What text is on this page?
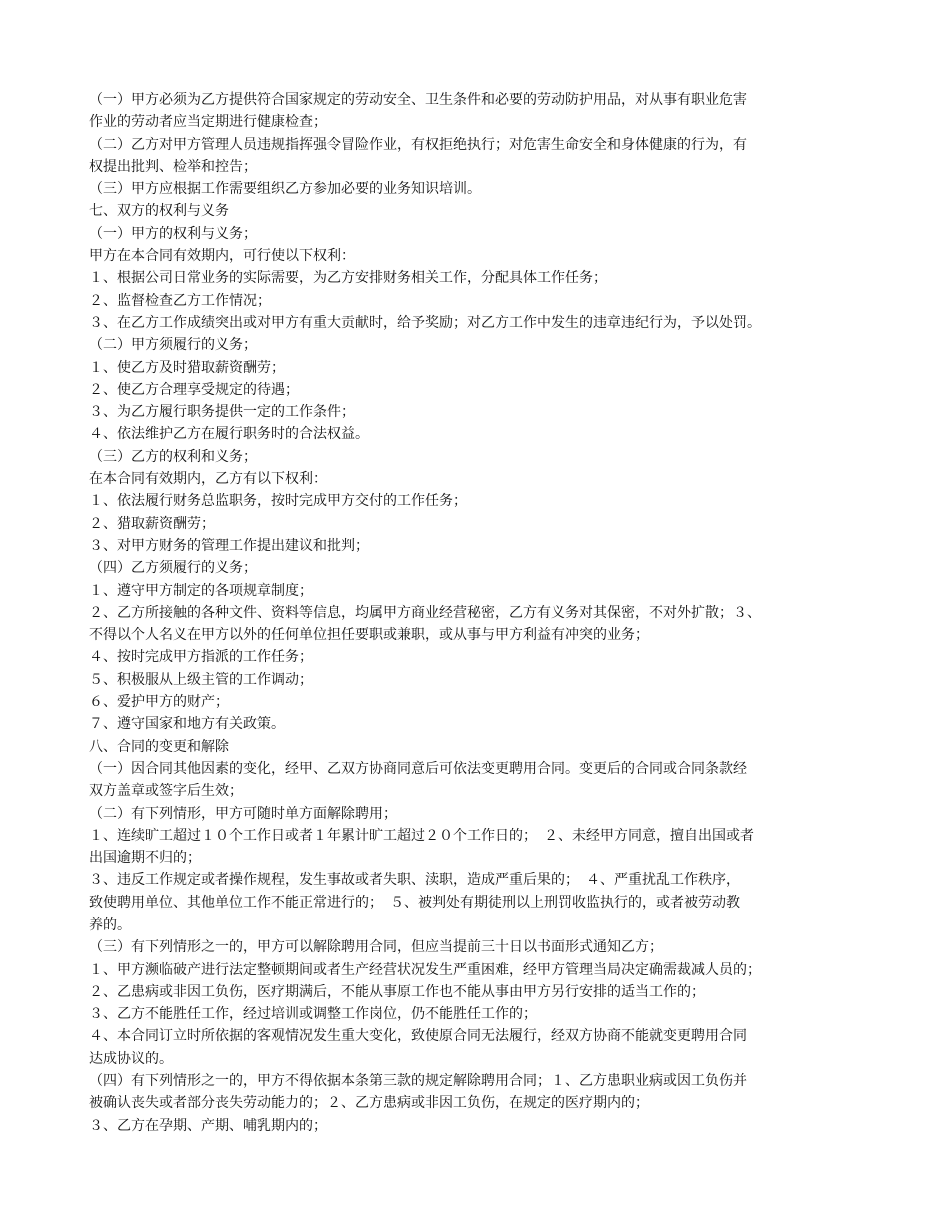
（一）甲方必须为乙方提供符合国家规定的劳动安全、卫生条件和必要的劳动防护用品，对从事有职业危害
作业的劳动者应当定期进行健康检查；
（二）乙方对甲方管理人员违规指挥强令冒险作业，有权拒绝执行；对危害生命安全和身体健康的行为，有
权提出批判、检举和控告；
（三）甲方应根据工作需要组织乙方参加必要的业务知识培训。
七、双方的权利与义务
（一）甲方的权利与义务；
甲方在本合同有效期内，可行使以下权利：
１、根据公司日常业务的实际需要，为乙方安排财务相关工作，分配具体工作任务；
２、监督检查乙方工作情况；
３、在乙方工作成绩突出或对甲方有重大贡献时，给予奖励；对乙方工作中发生的违章违纪行为，予以处罚。
（二）甲方须履行的义务；
１、使乙方及时猎取薪资酬劳；
２、使乙方合理享受规定的待遇；
３、为乙方履行职务提供一定的工作条件；
４、依法维护乙方在履行职务时的合法权益。
（三）乙方的权利和义务；
在本合同有效期内，乙方有以下权利：
１、依法履行财务总监职务，按时完成甲方交付的工作任务；
２、猎取薪资酬劳；
３、对甲方财务的管理工作提出建议和批判；
（四）乙方须履行的义务；
１、遵守甲方制定的各项规章制度；
２、乙方所接触的各种文件、资料等信息，均属甲方商业经营秘密，乙方有义务对其保密，不对外扩散；３、
不得以个人名义在甲方以外的任何单位担任要职或兼职，或从事与甲方利益有冲突的业务；
４、按时完成甲方指派的工作任务；
５、积极服从上级主管的工作调动；
６、爱护甲方的财产；
７、遵守国家和地方有关政策。
八、合同的变更和解除
（一）因合同其他因素的变化，经甲、乙双方协商同意后可依法变更聘用合同。变更后的合同或合同条款经
双方盖章或签字后生效；
（二）有下列情形，甲方可随时单方面解除聘用；
１、连续旷工超过１０个工作日或者１年累计旷工超过２０个工作日的；　２、未经甲方同意，擅自出国或者
出国逾期不归的；
３、违反工作规定或者操作规程，发生事故或者失职、渎职，造成严重后果的；　４、严重扰乱工作秩序，
致使聘用单位、其他单位工作不能正常进行的；　５、被判处有期徒刑以上刑罚收监执行的，或者被劳动教
养的。
（三）有下列情形之一的，甲方可以解除聘用合同，但应当提前三十日以书面形式通知乙方；
１、甲方濒临破产进行法定整顿期间或者生产经营状况发生严重困难，经甲方管理当局决定确需裁减人员的；
２、乙患病或非因工负伤，医疗期满后，不能从事原工作也不能从事由甲方另行安排的适当工作的；
３、乙方不能胜任工作，经过培训或调整工作岗位，仍不能胜任工作的；
４、本合同订立时所依据的客观情况发生重大变化，致使原合同无法履行，经双方协商不能就变更聘用合同
达成协议的。
（四）有下列情形之一的，甲方不得依据本条第三款的规定解除聘用合同；１、乙方患职业病或因工负伤并
被确认丧失或者部分丧失劳动能力的；２、乙方患病或非因工负伤，在规定的医疗期内的；
３、乙方在孕期、产期、哺乳期内的；
